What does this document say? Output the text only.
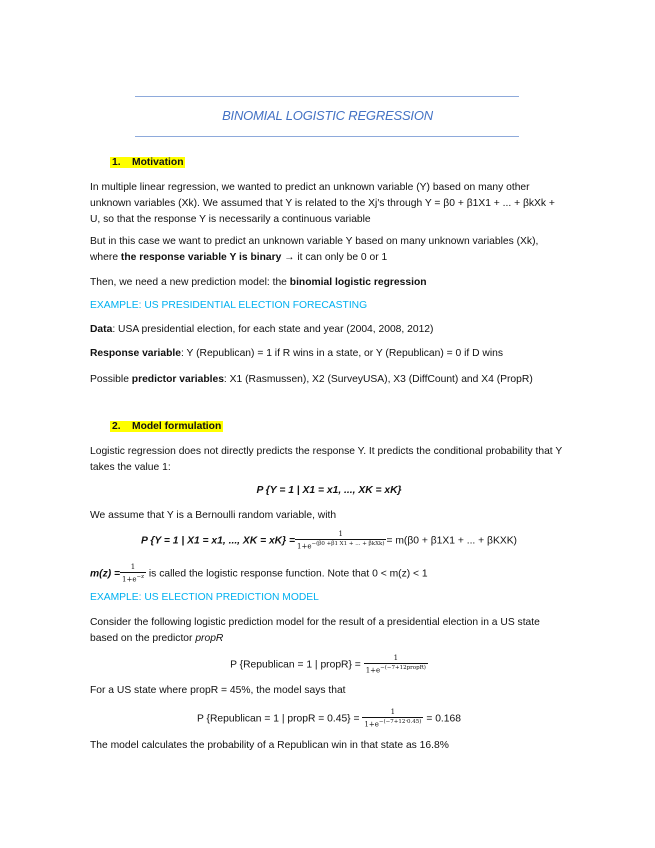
BINOMIAL LOGISTIC REGRESSION
1. Motivation
In multiple linear regression, we wanted to predict an unknown variable (Y) based on many other unknown variables (Xk). We assumed that Y is related to the Xj's through Y = β0 + β1X1 + ... + βkXk + U, so that the response Y is necessarily a continuous variable
But in this case we want to predict an unknown variable Y based on many unknown variables (Xk), where the response variable Y is binary → it can only be 0 or 1
Then, we need a new prediction model: the binomial logistic regression
EXAMPLE: US PRESIDENTIAL ELECTION FORECASTING
Data: USA presidential election, for each state and year (2004, 2008, 2012)
Response variable: Y (Republican) = 1 if R wins in a state, or Y (Republican) = 0 if D wins
Possible predictor variables: X1 (Rasmussen), X2 (SurveyUSA), X3 (DiffCount) and X4 (PropR)
2. Model formulation
Logistic regression does not directly predicts the response Y. It predicts the conditional probability that Y takes the value 1:
P {Y = 1 | X1 = x1, ..., XK = xK}
We assume that Y is a Bernoulli random variable, with
P {Y = 1 | X1 = x1, ..., XK = $xK\} = \frac{1}{1+e^{-(\beta 0 +\beta 1 X1 + ... + \beta kXk)}} = m(\beta 0 + \beta 1X1$ + ... + βKXK)
$m(z) = \frac{1}{1+e^{-z}}$ is called the logistic response function. Note that 0 < m(z) < 1
EXAMPLE: US ELECTION PREDICTION MODEL
Consider the following logistic prediction model for the result of a presidential election in a US state based on the predictor propR
P {Republican = 1 | propR} = $\frac{1}{1+e^{-(-7+12propR)}}$
For a US state where propR = 45%, the model says that
P {Republican = 1 | propR = $0.45\} = \frac{1}{1+e^{-(-7+12\cdot 0.45)}} = 0.168$
The model calculates the probability of a Republican win in that state as 16.8%
